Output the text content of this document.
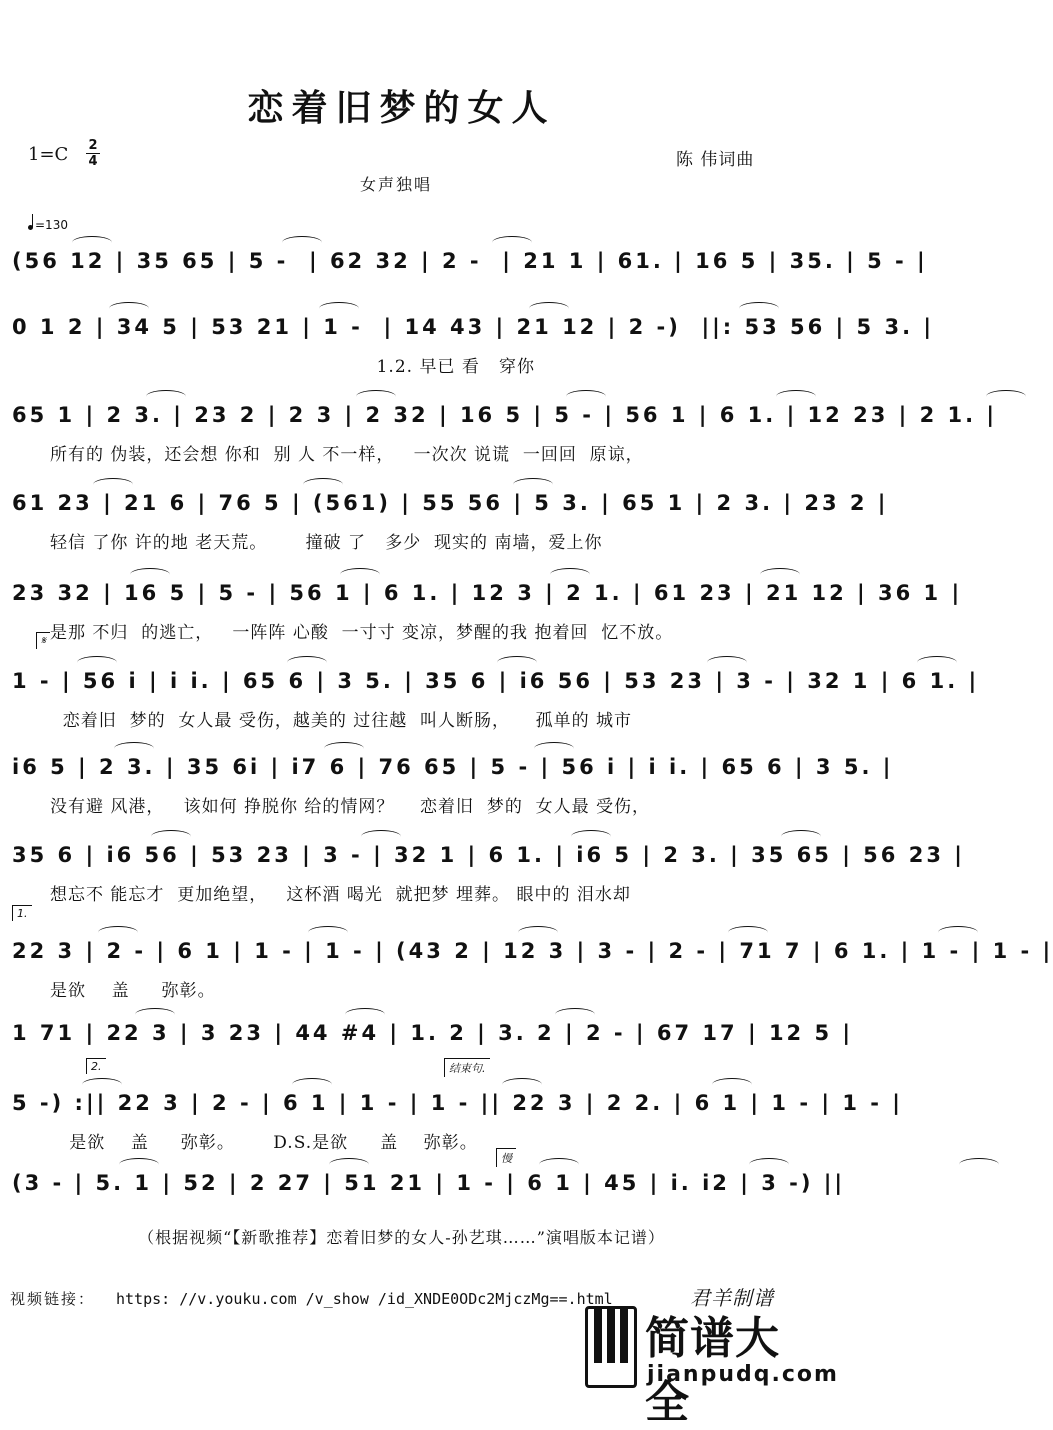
恋着旧梦的女人
1=C 2
4	陈 伟词曲
女声独唱
=130
(56 12 | 35 65 | 5 -  | 62 32 | 2 -  | 21 1 | 61. | 16 5 | 35. | 5 - |
0 1 2 | 34 5 | 53 21 | 1 -  | 14 43 | 21 12 | 2 -)  ||: 53 56 | 5 3. |
1.2. 早已 看   穿你
65 1 | 2 3. | 23 2 | 2 3 | 2 32 | 16 5 | 5 - | 56 1 | 6 1. | 12 23 | 2 1. |
所有的 伪装，还会想 你和  别 人 不一样，   一次次 说谎  一回回  原谅，
61 23 | 21 6 | 76 5 | (561) | 55 56 | 5 3. | 65 1 | 2 3. | 23 2 |
轻信 了你 许的地 老天荒。      撞破 了   多少  现实的 南墙，爱上你
23 32 | 16 5 | 5 - | 56 1 | 6 1. | 12 3 | 2 1. | 61 23 | 21 12 | 36 1 |
是那 不归  的逃亡，   一阵阵 心酸  一寸寸 变凉，梦醒的我 抱着回  忆不放。
1 - | 56 i | i i. | 65 6 | 3 5. | 35 6 | i6 56 | 53 23 | 3 - | 32 1 | 6 1. |
恋着旧  梦的  女人最 受伤，越美的 过往越  叫人断肠，    孤单的 城市
i6 5 | 2 3. | 35 6i | i7 6 | 76 65 | 5 - | 56 i | i i. | 65 6 | 3 5. |
没有避 风港，   该如何 挣脱你 给的情网？    恋着旧  梦的  女人最 受伤，
35 6 | i6 56 | 53 23 | 3 - | 32 1 | 6 1. | i6 5 | 2 3. | 35 65 | 56 23 |
想忘不 能忘才  更加绝望，   这杯酒 喝光  就把梦 埋葬。 眼中的 泪水却
22 3 | 2 - | 6 1 | 1 - | 1 - | (43 2 | 12 3 | 3 - | 2 - | 71 7 | 6 1. | 1 - | 1 - |
是欲    盖     弥彰。
1 71 | 22 3 | 3 23 | 44 #4 | 1. 2 | 3. 2 | 2 - | 67 17 | 12 5 |
5 -) :|| 22 3 | 2 - | 6 1 | 1 - | 1 - || 22 3 | 2 2. | 6 1 | 1 - | 1 - |
是欲    盖     弥彰。      D.S.是欲     盖    弥彰。
(3 - | 5. 1 | 52 | 2 27 | 51 21 | 1 - | 6 1 | 45 | i. i2 | 3 -) ||
（根据视频“【新歌推荐】恋着旧梦的女人-孙艺琪……”演唱版本记谱）
视频链接： https: //v.youku.com /v_show /id_XNDE0ODc2MjczMg==.html	君羊制谱
简谱大全
jianpudq.com
1.
2.	结束句.
慢
𝄋
